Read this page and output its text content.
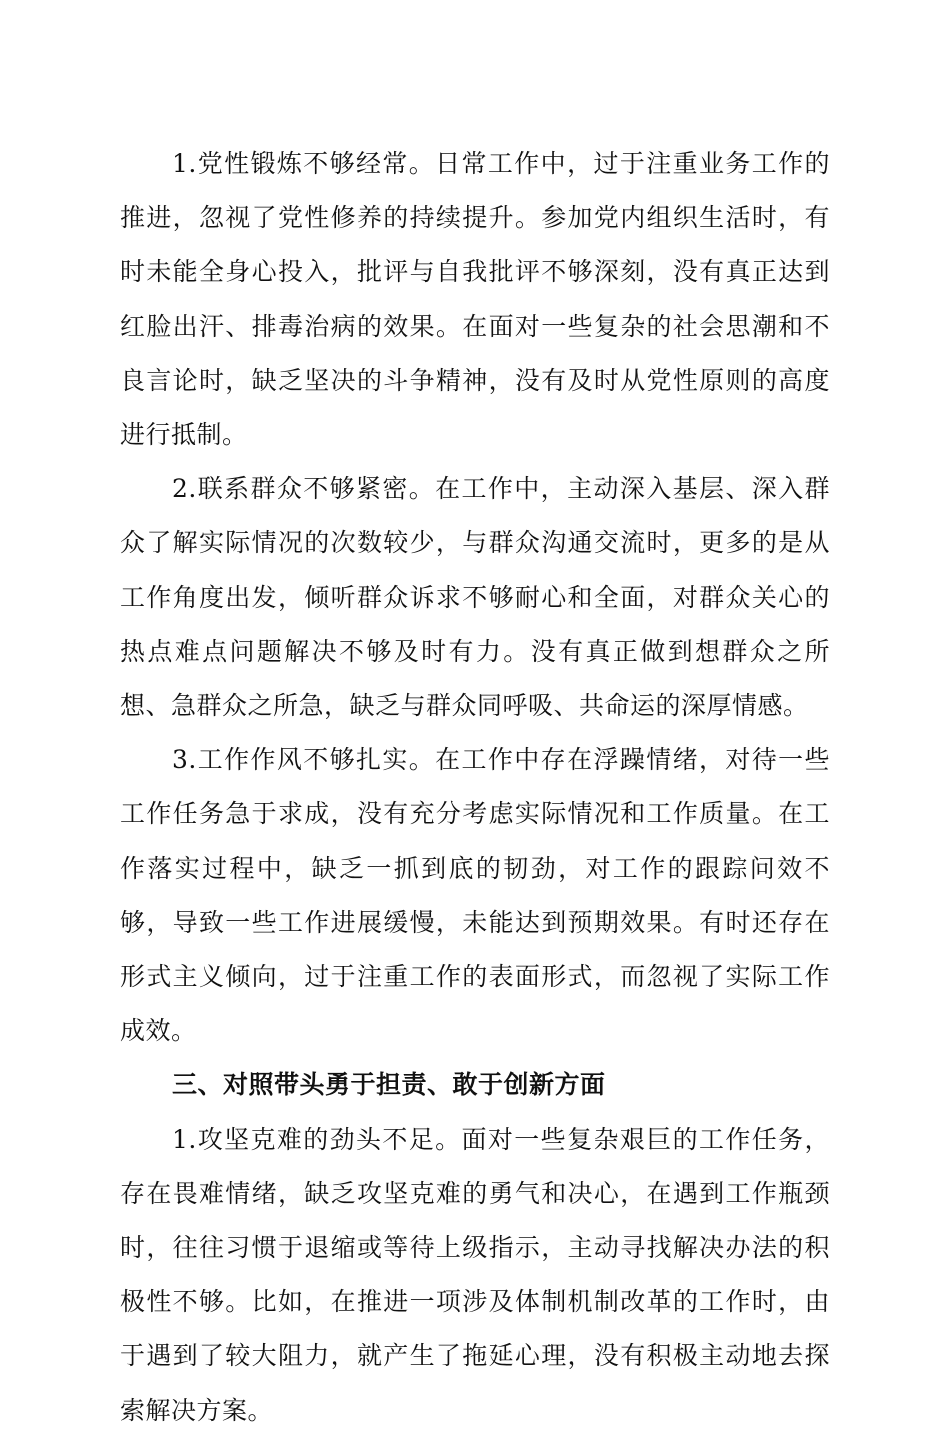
1.党性锻炼不够经常。日常工作中，过于注重业务工作的推进，忽视了党性修养的持续提升。参加党内组织生活时，有时未能全身心投入，批评与自我批评不够深刻，没有真正达到红脸出汗、排毒治病的效果。在面对一些复杂的社会思潮和不良言论时，缺乏坚决的斗争精神，没有及时从党性原则的高度进行抵制。

2.联系群众不够紧密。在工作中，主动深入基层、深入群众了解实际情况的次数较少，与群众沟通交流时，更多的是从工作角度出发，倾听群众诉求不够耐心和全面，对群众关心的热点难点问题解决不够及时有力。没有真正做到想群众之所想、急群众之所急，缺乏与群众同呼吸、共命运的深厚情感。

3.工作作风不够扎实。在工作中存在浮躁情绪，对待一些工作任务急于求成，没有充分考虑实际情况和工作质量。在工作落实过程中，缺乏一抓到底的韧劲，对工作的跟踪问效不够，导致一些工作进展缓慢，未能达到预期效果。有时还存在形式主义倾向，过于注重工作的表面形式，而忽视了实际工作成效。

三、对照带头勇于担责、敢于创新方面

1.攻坚克难的劲头不足。面对一些复杂艰巨的工作任务，存在畏难情绪，缺乏攻坚克难的勇气和决心，在遇到工作瓶颈时，往往习惯于退缩或等待上级指示，主动寻找解决办法的积极性不够。比如，在推进一项涉及体制机制改革的工作时，由于遇到了较大阻力，就产生了拖延心理，没有积极主动地去探索解决方案。
